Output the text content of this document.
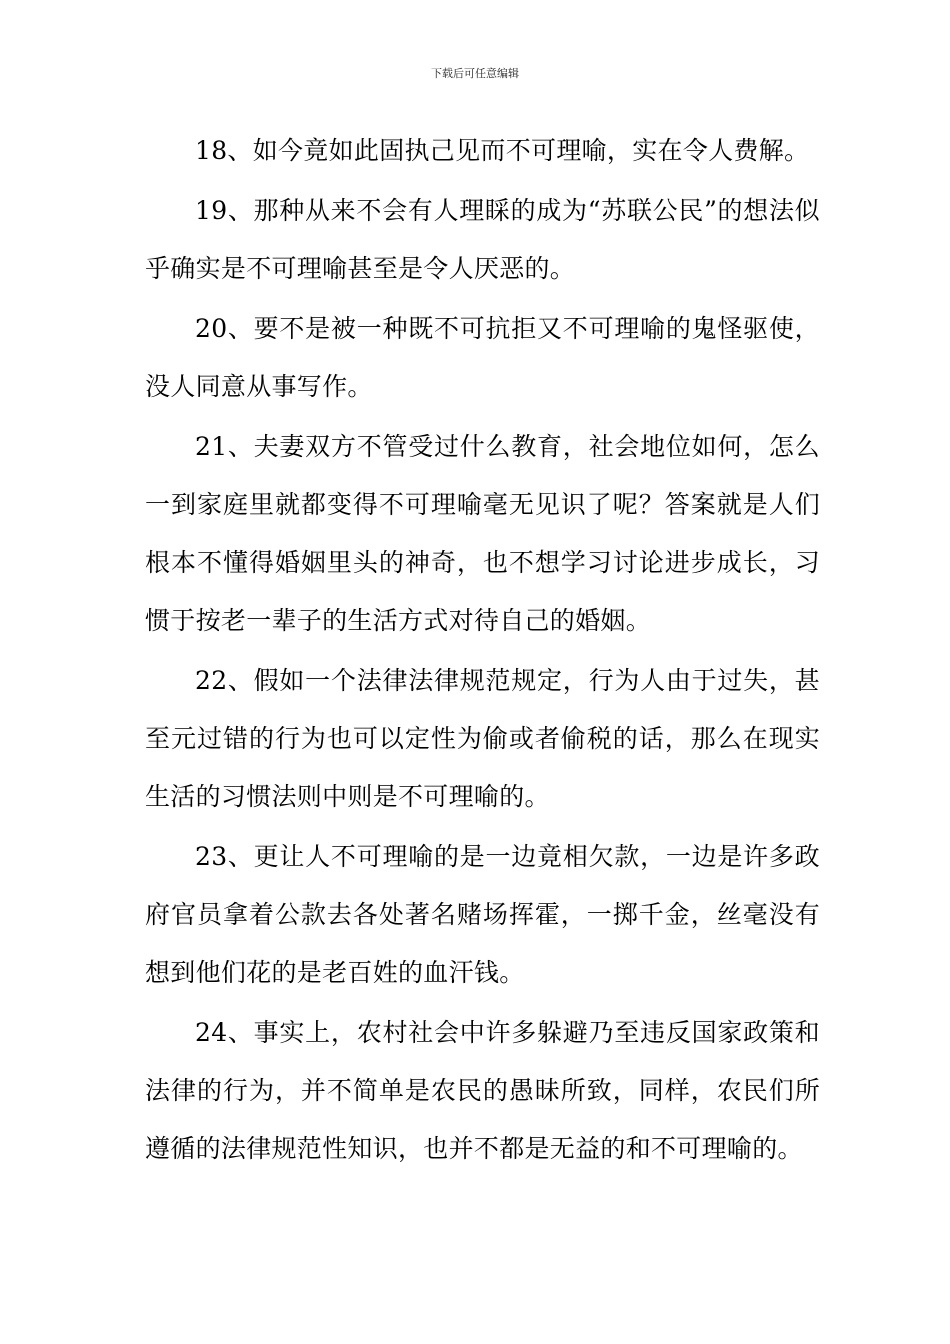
下载后可任意编辑

18、如今竟如此固执己见而不可理喻，实在令人费解。

19、那种从来不会有人理睬的成为“苏联公民”的想法似乎确实是不可理喻甚至是令人厌恶的。

20、要不是被一种既不可抗拒又不可理喻的鬼怪驱使，没人同意从事写作。

21、夫妻双方不管受过什么教育，社会地位如何，怎么一到家庭里就都变得不可理喻毫无见识了呢？答案就是人们根本不懂得婚姻里头的神奇，也不想学习讨论进步成长，习惯于按老一辈子的生活方式对待自己的婚姻。

22、假如一个法律法律规范规定，行为人由于过失，甚至元过错的行为也可以定性为偷或者偷税的话，那么在现实生活的习惯法则中则是不可理喻的。

23、更让人不可理喻的是一边竟相欠款，一边是许多政府官员拿着公款去各处著名赌场挥霍，一掷千金，丝毫没有想到他们花的是老百姓的血汗钱。

24、事实上，农村社会中许多躲避乃至违反国家政策和法律的行为，并不简单是农民的愚昧所致，同样，农民们所遵循的法律规范性知识，也并不都是无益的和不可理喻的。
